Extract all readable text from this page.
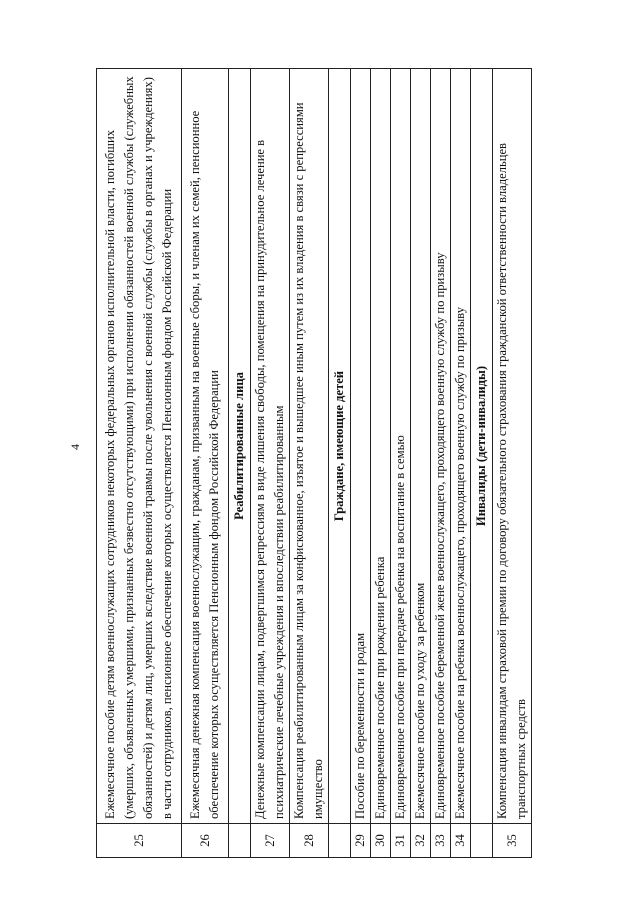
4
25	Ежемесячное пособие детям военнослужащих сотрудников некоторых федеральных органов исполнительной власти, погибших (умерших, объявленных умершими, признанных безвестно отсутствующими) при исполнении обязанностей военной службы (служебных обязанностей) и детям лиц, умерших вследствие военной травмы после увольнения с военной службы (службы в органах и учреждениях) в части сотрудников, пенсионное обеспечение которых осуществляется Пенсионным фондом Российской Федерации
26	Ежемесячная денежная компенсация военнослужащим, гражданам, призванным на военные сборы, и членам их семей, пенсионное обеспечение которых осуществляется Пенсионным фондом Российской Федерации
	Реабилитированные лица
27	Денежные компенсации лицам, подвергшимся репрессиям в виде лишения свободы, помещения на принудительное лечение в психиатрические лечебные учреждения и впоследствии реабилитированным
28	Компенсация реабилитированным лицам за конфискованное, изъятое и вышедшее иным путем из их владения в связи с репрессиями имущество
	Граждане, имеющие детей
29	Пособие по беременности и родам
30	Единовременное пособие при рождении ребенка
31	Единовременное пособие при передаче ребенка на воспитание в семью
32	Ежемесячное пособие по уходу за ребенком
33	Единовременное пособие беременной жене военнослужащего, проходящего военную службу по призыву
34	Ежемесячное пособие на ребенка военнослужащего, проходящего военную службу по призыву
	Инвалиды (дети-инвалиды)
35	Компенсация инвалидам страховой премии по договору обязательного страхования гражданской ответственности владельцев транспортных средств
